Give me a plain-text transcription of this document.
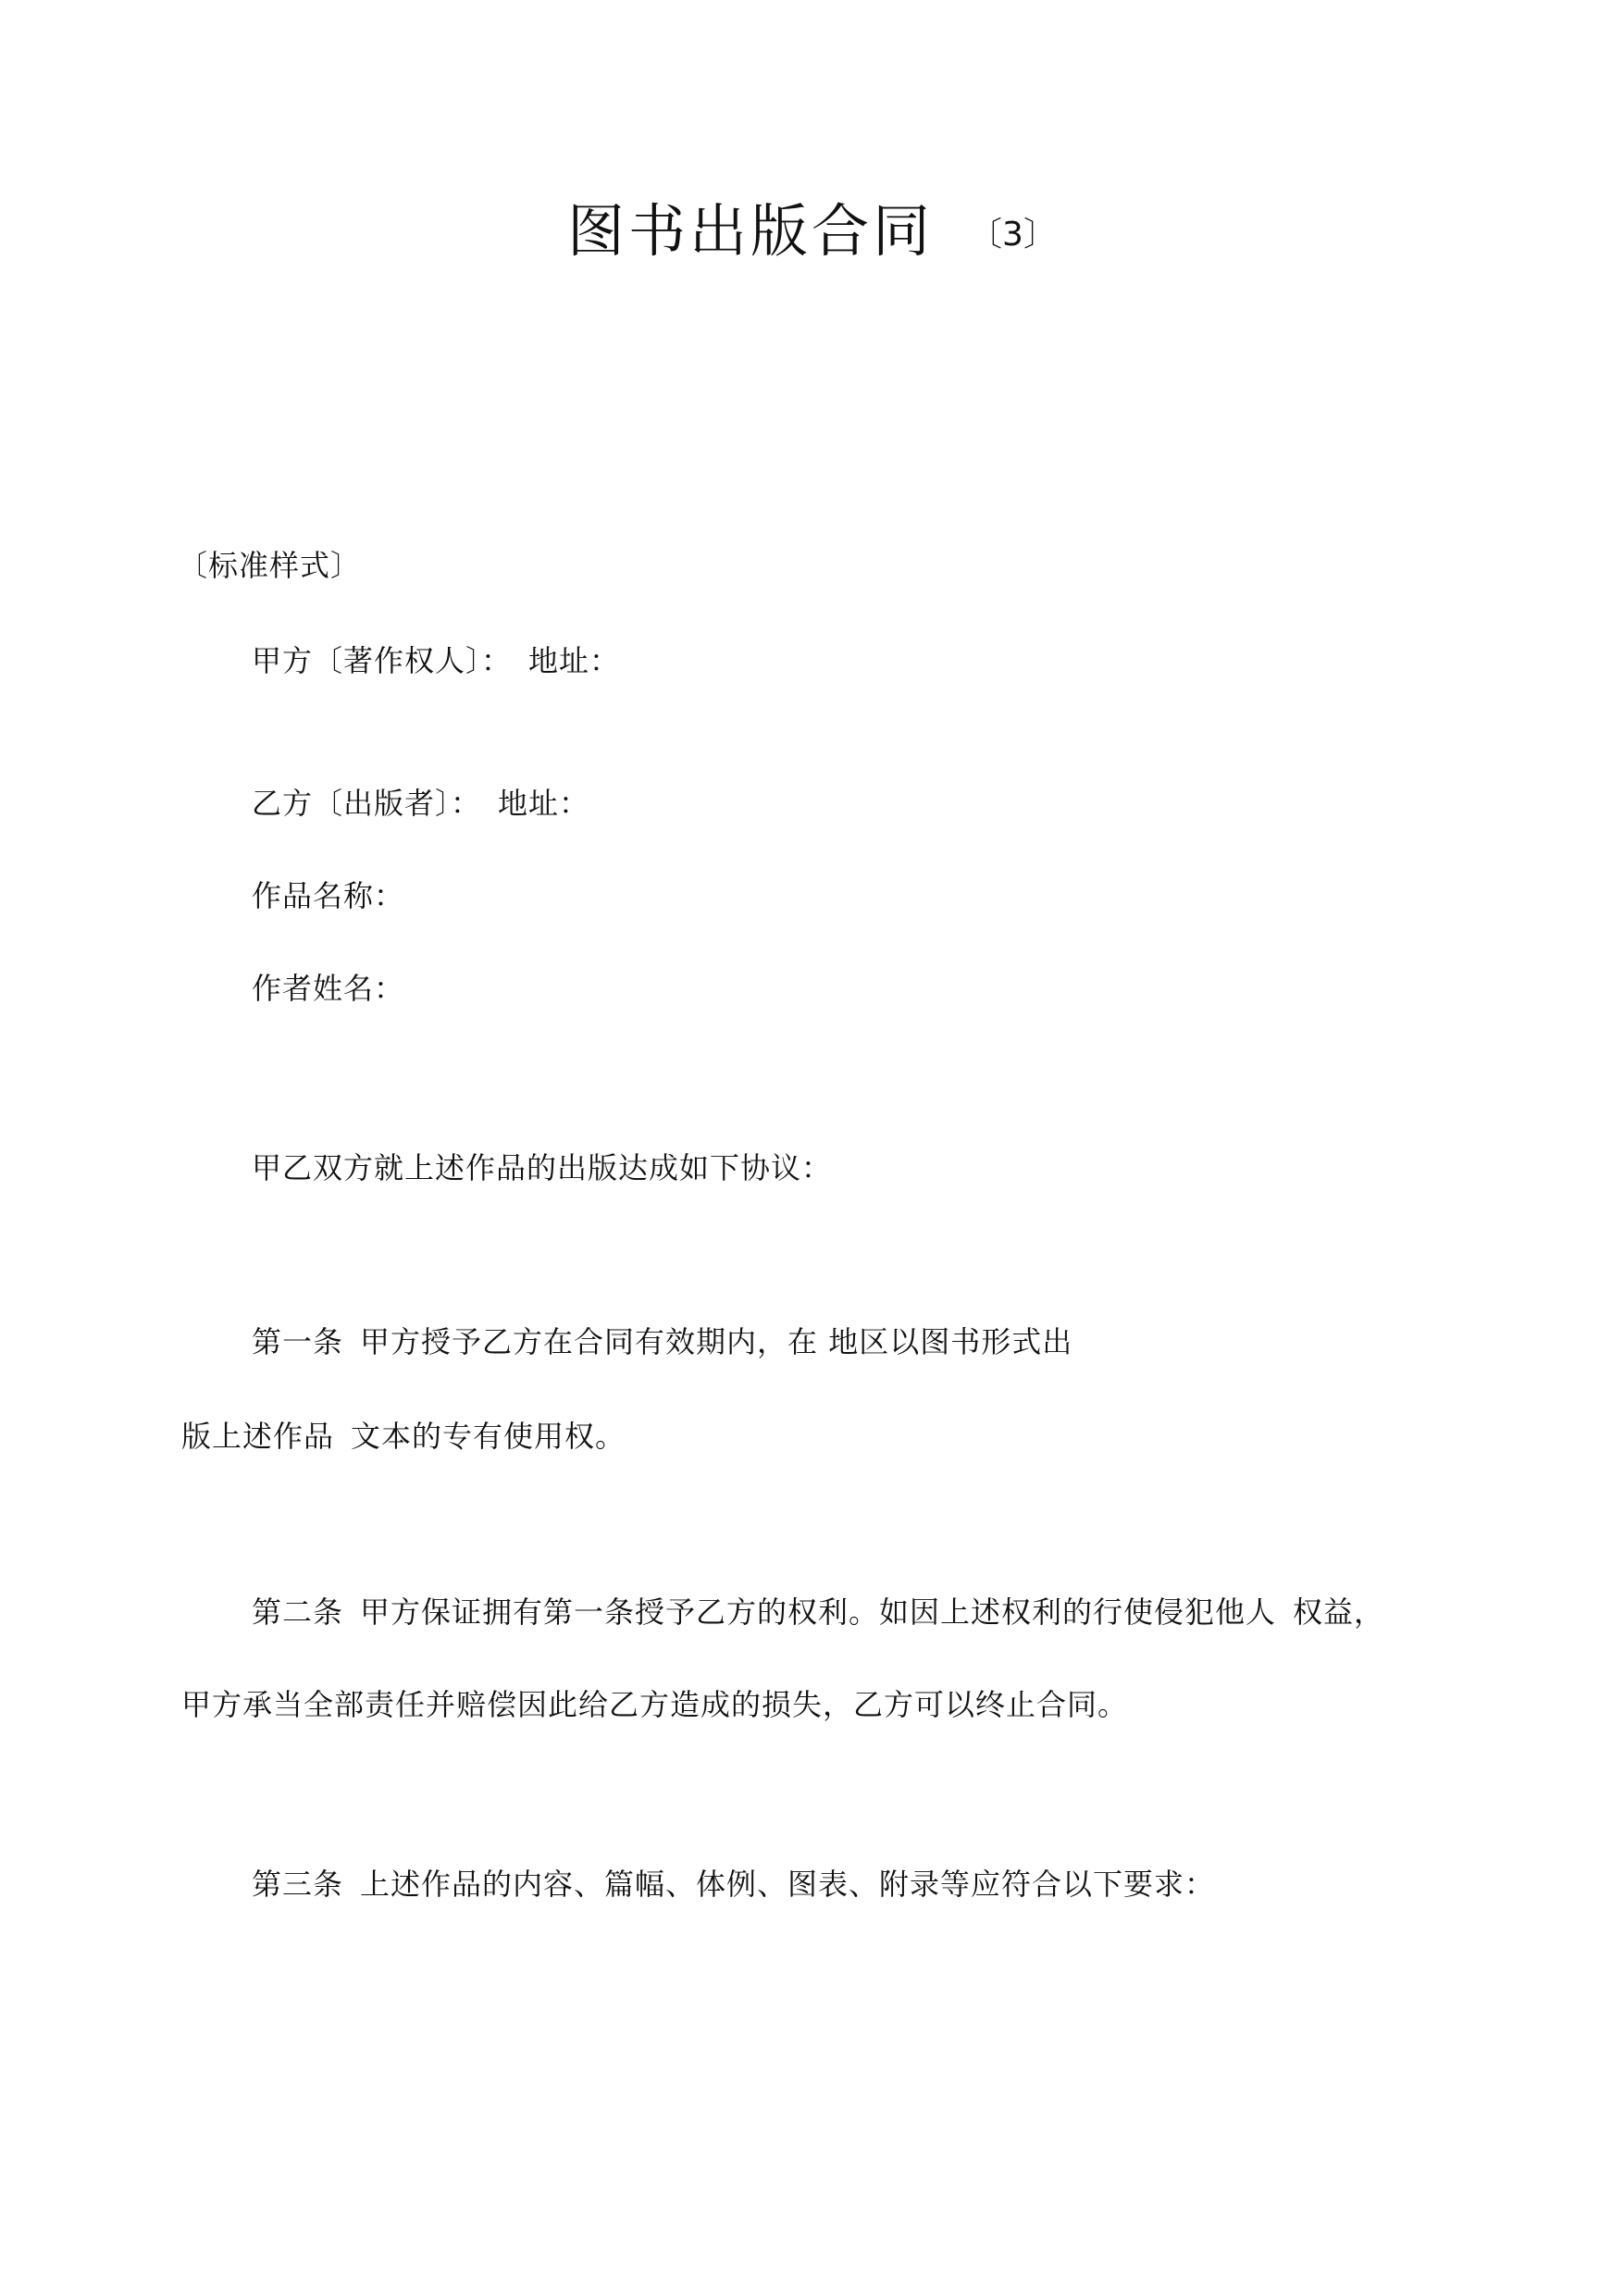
图书出版合同 〔3〕
〔标准样式〕
甲方〔著作权人〕： 地址：
乙方〔出版者〕： 地址：
作品名称：
作者姓名：
甲乙双方就上述作品的出版达成如下协议：
第一条 甲方授予乙方在合同有效期内，在 地区以图书形式出
版上述作品 文本的专有使用权。
第二条 甲方保证拥有第一条授予乙方的权利。如因上述权利的行使侵犯他人 权益，
甲方承当全部责任并赔偿因此给乙方造成的损失，乙方可以终止合同。
第三条 上述作品的内容、篇幅、体例、图表、附录等应符合以下要求：
